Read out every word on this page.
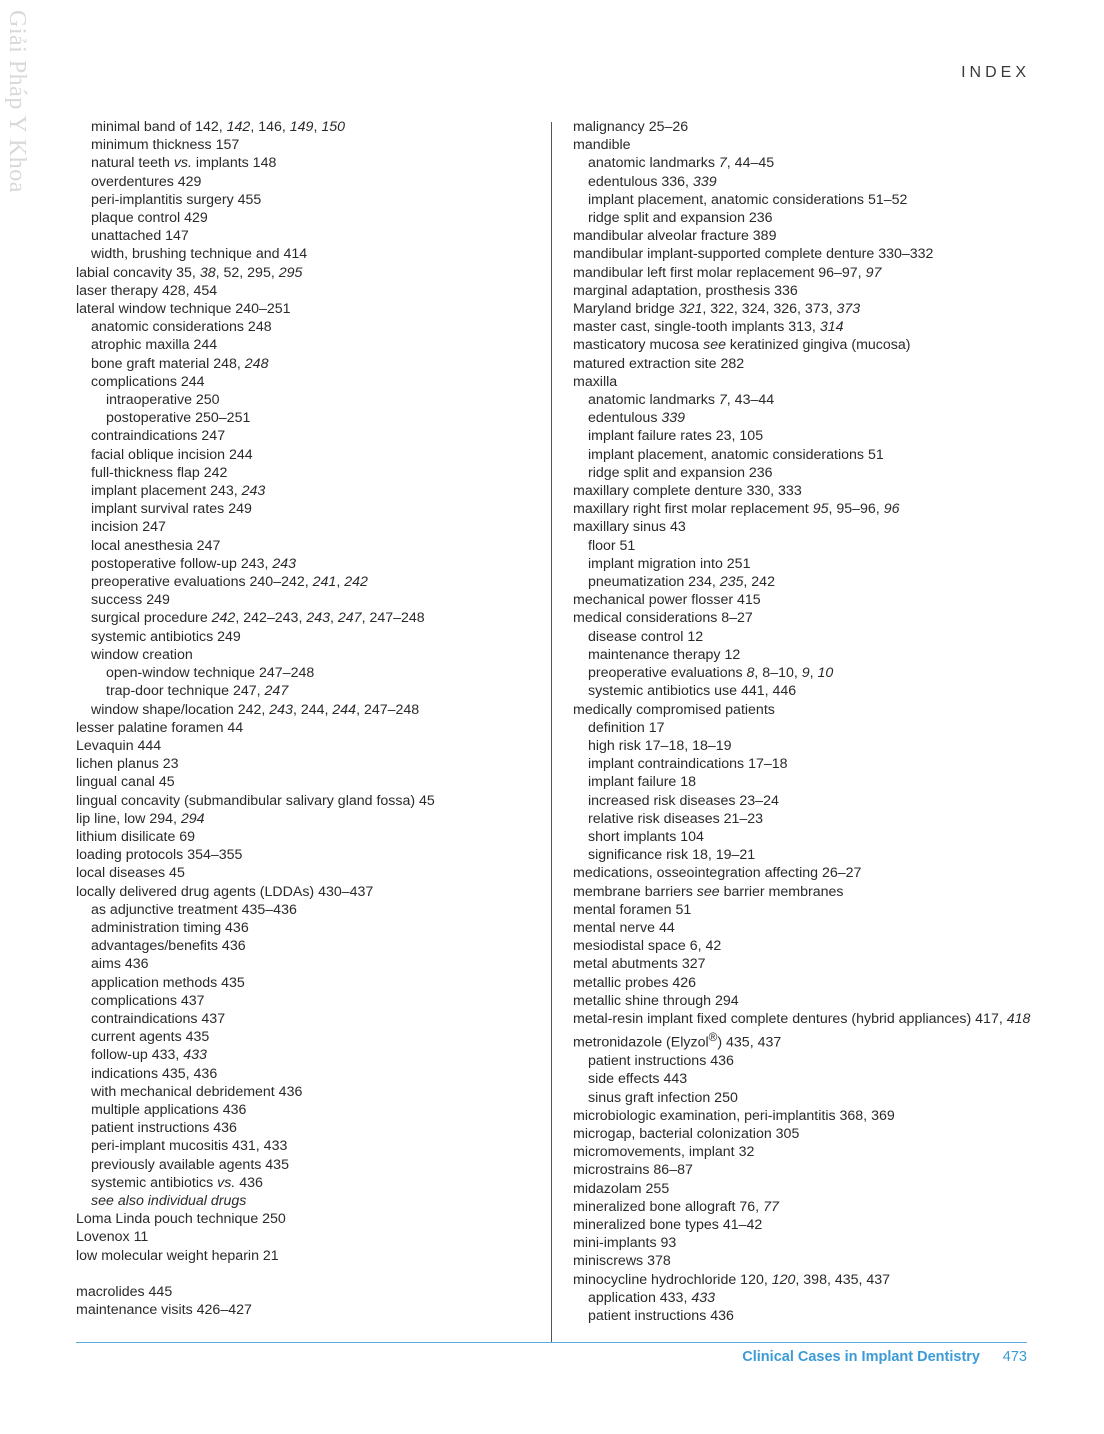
Giải Pháp Y Khoa	INDEX
minimal band of 142, 142, 146, 149, 150
minimum thickness 157
natural teeth vs. implants 148
overdentures 429
peri-implantitis surgery 455
plaque control 429
unattached 147
width, brushing technique and 414
labial concavity 35, 38, 52, 295, 295
laser therapy 428, 454
lateral window technique 240–251
anatomic considerations 248
atrophic maxilla 244
bone graft material 248, 248
complications 244
intraoperative 250
postoperative 250–251
contraindications 247
facial oblique incision 244
full-thickness flap 242
implant placement 243, 243
implant survival rates 249
incision 247
local anesthesia 247
postoperative follow-up 243, 243
preoperative evaluations 240–242, 241, 242
success 249
surgical procedure 242, 242–243, 243, 247, 247–248
systemic antibiotics 249
window creation
open-window technique 247–248
trap-door technique 247, 247
window shape/location 242, 243, 244, 244, 247–248
lesser palatine foramen 44
Levaquin 444
lichen planus 23
lingual canal 45
lingual concavity (submandibular salivary gland fossa) 45
lip line, low 294, 294
lithium disilicate 69
loading protocols 354–355
local diseases 45
locally delivered drug agents (LDDAs) 430–437
as adjunctive treatment 435–436
administration timing 436
advantages/benefits 436
aims 436
application methods 435
complications 437
contraindications 437
current agents 435
follow-up 433, 433
indications 435, 436
with mechanical debridement 436
multiple applications 436
patient instructions 436
peri-implant mucositis 431, 433
previously available agents 435
systemic antibiotics vs. 436
see also individual drugs
Loma Linda pouch technique 250
Lovenox 11
low molecular weight heparin 21
macrolides 445
maintenance visits 426–427
malignancy 25–26
mandible
anatomic landmarks 7, 44–45
edentulous 336, 339
implant placement, anatomic considerations 51–52
ridge split and expansion 236
mandibular alveolar fracture 389
mandibular implant-supported complete denture 330–332
mandibular left first molar replacement 96–97, 97
marginal adaptation, prosthesis 336
Maryland bridge 321, 322, 324, 326, 373, 373
master cast, single-tooth implants 313, 314
masticatory mucosa see keratinized gingiva (mucosa)
matured extraction site 282
maxilla
anatomic landmarks 7, 43–44
edentulous 339
implant failure rates 23, 105
implant placement, anatomic considerations 51
ridge split and expansion 236
maxillary complete denture 330, 333
maxillary right first molar replacement 95, 95–96, 96
maxillary sinus 43
floor 51
implant migration into 251
pneumatization 234, 235, 242
mechanical power flosser 415
medical considerations 8–27
disease control 12
maintenance therapy 12
preoperative evaluations 8, 8–10, 9, 10
systemic antibiotics use 441, 446
medically compromised patients
definition 17
high risk 17–18, 18–19
implant contraindications 17–18
implant failure 18
increased risk diseases 23–24
relative risk diseases 21–23
short implants 104
significance risk 18, 19–21
medications, osseointegration affecting 26–27
membrane barriers see barrier membranes
mental foramen 51
mental nerve 44
mesiodistal space 6, 42
metal abutments 327
metallic probes 426
metallic shine through 294
metal-resin implant fixed complete dentures (hybrid appliances) 417, 418
metronidazole (Elyzol®) 435, 437
patient instructions 436
side effects 443
sinus graft infection 250
microbiologic examination, peri-implantitis 368, 369
microgap, bacterial colonization 305
micromovements, implant 32
microstrains 86–87
midazolam 255
mineralized bone allograft 76, 77
mineralized bone types 41–42
mini-implants 93
miniscrews 378
minocycline hydrochloride 120, 120, 398, 435, 437
application 433, 433
patient instructions 436
Clinical Cases in Implant Dentistry	473
